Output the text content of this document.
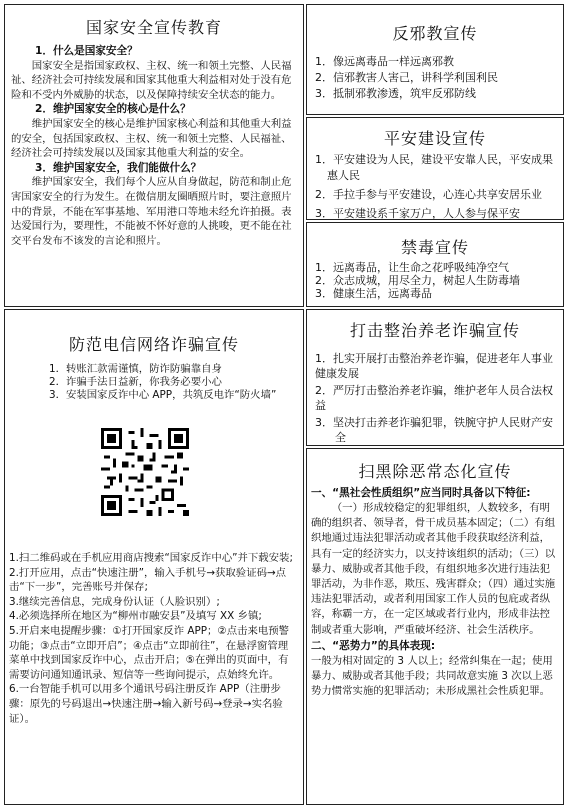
国家安全宣传教育
1．什么是国家安全？
国家安全是指国家政权、主权、统一和领土完整、人民福祉、经济社会可持续发展和国家其他重大利益相对处于没有危险和不受内外威胁的状态，以及保障持续安全状态的能力。
2．维护国家安全的核心是什么？
维护国家安全的核心是维护国家核心利益和其他重大利益的安全，包括国家政权、主权、统一和领土完整、人民福祉、经济社会可持续发展以及国家其他重大利益的安全。
3．维护国家安全，我们能做什么？
维护国家安全，我们每个人应从自身做起，防范和制止危害国家安全的行为发生。在微信朋友圈晒照片时，要注意照片中的背景，不能在军事基地、军用港口等地未经允许拍摄。表达爱国行为，要理性，不能被不怀好意的人挑唆，更不能在社交平台发布不该发的言论和照片。
反邪教宣传
1．像远离毒品一样远离邪教
2．信邪教害人害己，讲科学利国利民
3．抵制邪教渗透，筑牢反邪防线
平安建设宣传
1．平安建设为人民，建设平安靠人民，平安成果惠人民
2．手拉手参与平安建设，心连心共享安居乐业
3．平安建设系千家万户，人人参与保平安
禁毒宣传
1．远离毒品，让生命之花呼吸纯净空气
2．众志成城，用尽全力，树起人生防毒墙
3．健康生活，远离毒品
防范电信网络诈骗宣传
1．转账汇款需谨慎，防诈防骗靠自身
2．诈骗手法日益新，你我务必要小心
3．安装国家反诈中心 APP，共筑反电诈“防火墙”
1.扫二维码或在手机应用商店搜索“国家反诈中心”并下载安装;
2.打开应用，点击“快速注册”，输入手机号→获取验证码→点击“下一步”，完善账号并保存;
3.继续完善信息，完成身份认证（人脸识别）;
4.必须选择所在地区为“柳州市融安县”及填写 XX 乡镇;
5.开启来电提醒步骤：①打开国家反诈 APP；②点击来电预警功能；③点击“立即开启”；④点击“立即前往”，在悬浮窗管理菜单中找到国家反诈中心，点击开启；⑤在弹出的页面中，有需要访问通知通讯录、短信等一些询问提示，点始终允许。
6.一台智能手机可以用多个通讯号码注册反诈 APP（注册步骤：原先的号码退出→快速注册→输入新号码→登录→实名验证）。
打击整治养老诈骗宣传
1．扎实开展打击整治养老诈骗，促进老年人事业健康发展
2．严厉打击整治养老诈骗，维护老年人员合法权益
3．坚决打击养老诈骗犯罪，铁腕守护人民财产安全
扫黑除恶常态化宣传
一、“黑社会性质组织”应当同时具备以下特征:
（一）形成较稳定的犯罪组织，人数较多，有明确的组织者、领导者，骨干成员基本固定；（二）有组织地通过违法犯罪活动或者其他手段获取经济利益，具有一定的经济实力，以支持该组织的活动；（三）以暴力、威胁或者其他手段，有组织地多次进行违法犯罪活动，为非作恶，欺压、残害群众；（四）通过实施违法犯罪活动，或者利用国家工作人员的包庇或者纵容，称霸一方，在一定区域或者行业内，形成非法控制或者重大影响，严重破坏经济、社会生活秩序。
二、“恶势力”的具体表现:
一般为相对固定的 3 人以上；经常纠集在一起；使用暴力、威胁或者其他手段；共同故意实施 3 次以上恶势力惯常实施的犯罪活动；未形成黑社会性质犯罪。
